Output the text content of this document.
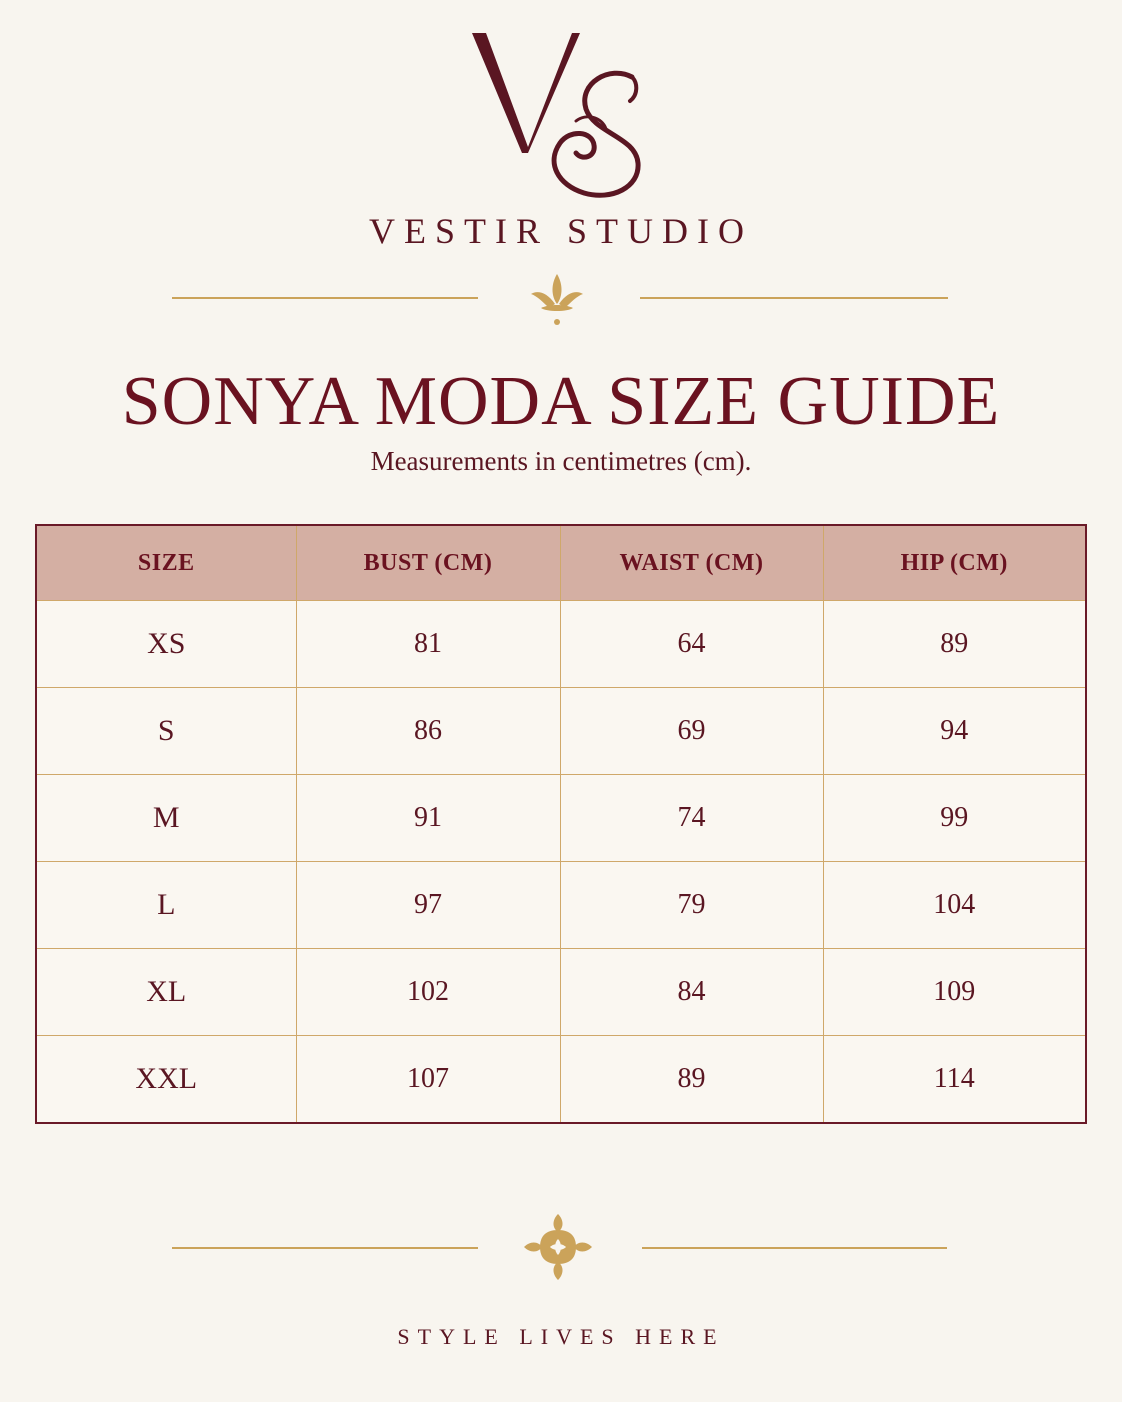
VESTIR STUDIO
SONYA MODA SIZE GUIDE
Measurements in centimetres (cm).
SIZE	BUST (CM)	WAIST (CM)	HIP (CM)
XS	81	64	89
S	86	69	94
M	91	74	99
L	97	79	104
XL	102	84	109
XXL	107	89	114
STYLE LIVES HERE
